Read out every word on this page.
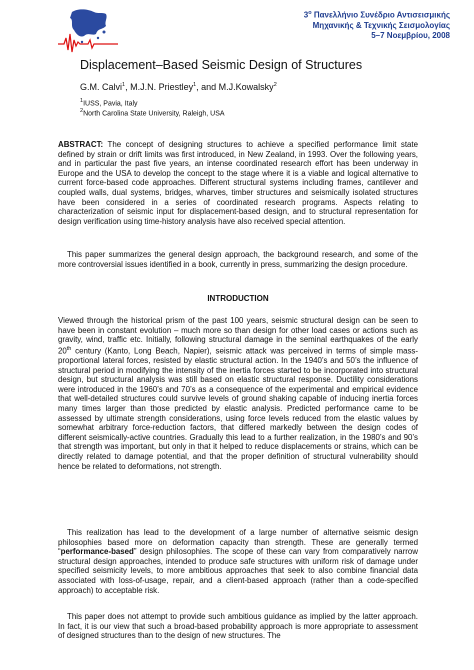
$3^o$ Πανελλήνιο Συνέδριο Αντισεισμικής
Μηχανικής & Τεχνικής Σεισμολογίας
5–7 Νοεμβρίου, 2008
Displacement–Based Seismic Design of Structures
G.M. Calvi$^1$, M.J.N. Priestley$^1$, and M.J.Kowalsky$^2$
$^1$IUSS, Pavia, Italy
$^2$North Carolina State University, Raleigh, USA
ABSTRACT: The concept of designing structures to achieve a specified performance limit state defined by strain or drift limits was first introduced, in New Zealand, in 1993. Over the following years, and in particular the past five years, an intense coordinated research effort has been underway in Europe and the USA to develop the concept to the stage where it is a viable and logical alternative to current force-based code approaches. Different structural systems including frames, cantilever and coupled walls, dual systems, bridges, wharves, timber structures and seismically isolated structures have been considered in a series of coordinated research programs. Aspects relating to characterization of seismic input for displacement-based design, and to structural representation for design verification using time-history analysis have also received special attention.
This paper summarizes the general design approach, the background research, and some of the more controversial issues identified in a book, currently in press, summarizing the design procedure.
INTRODUCTION
Viewed through the historical prism of the past 100 years, seismic structural design can be seen to have been in constant evolution – much more so than design for other load cases or actions such as gravity, wind, traffic etc. Initially, following structural damage in the seminal earthquakes of the early 20th century (Kanto, Long Beach, Napier), seismic attack was perceived in terms of simple mass-proportional lateral forces, resisted by elastic structural action. In the 1940’s and 50’s the influence of structural period in modifying the intensity of the inertia forces started to be incorporated into structural design, but structural analysis was still based on elastic structural response. Ductility considerations were introduced in the 1960’s and 70’s as a consequence of the experimental and empirical evidence that well-detailed structures could survive levels of ground shaking capable of inducing inertia forces many times larger than those predicted by elastic analysis. Predicted performance came to be assessed by ultimate strength considerations, using force levels reduced from the elastic values by somewhat arbitrary force-reduction factors, that differed markedly between the design codes of different seismically-active countries. Gradually this lead to a further realization, in the 1980’s and 90’s that strength was important, but only in that it helped to reduce displacements or strains, which can be directly related to damage potential, and that the proper definition of structural vulnerability should hence be related to deformations, not strength.
This realization has lead to the development of a large number of alternative seismic design philosophies based more on deformation capacity than strength. These are generally termed “performance-based” design philosophies. The scope of these can vary from comparatively narrow structural design approaches, intended to produce safe structures with uniform risk of damage under specified seismicity levels, to more ambitious approaches that seek to also combine financial data associated with loss-of-usage, repair, and a client-based approach (rather than a code-specified approach) to acceptable risk.
This paper does not attempt to provide such ambitious guidance as implied by the latter approach. In fact, it is our view that such a broad-based probability approach is more appropriate to assessment of designed structures than to the design of new structures. The
